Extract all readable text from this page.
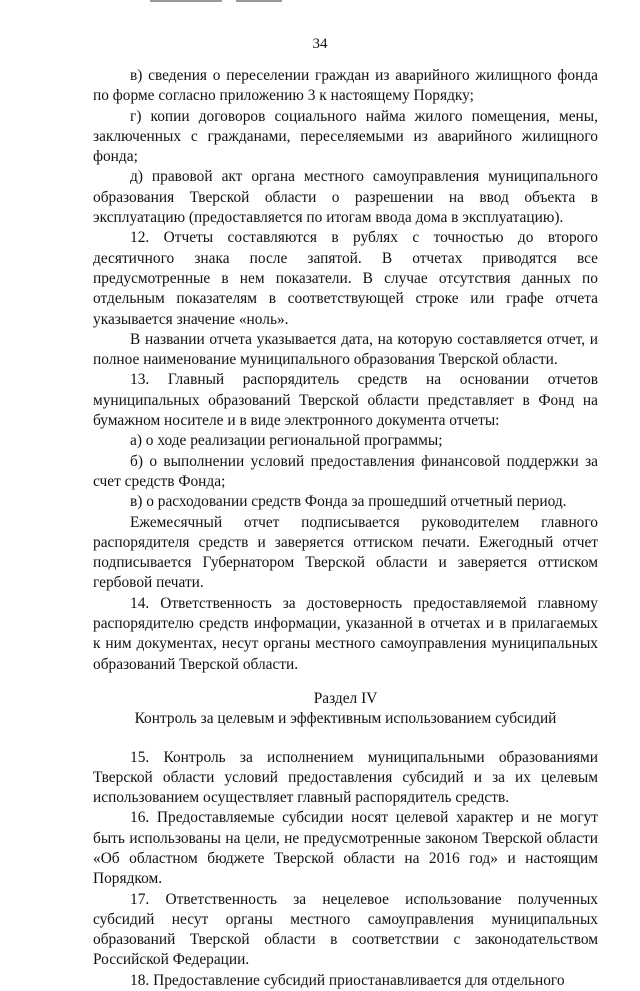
34

в) сведения о переселении граждан из аварийного жилищного фонда по форме согласно приложению 3 к настоящему Порядку;

г) копии договоров социального найма жилого помещения, мены, заключенных с гражданами, переселяемыми из аварийного жилищного фонда;

д) правовой акт органа местного самоуправления муниципального образования Тверской области о разрешении на ввод объекта в эксплуатацию (предоставляется по итогам ввода дома в эксплуатацию).

12. Отчеты составляются в рублях с точностью до второго десятичного знака после запятой. В отчетах приводятся все предусмотренные в нем показатели. В случае отсутствия данных по отдельным показателям в соответствующей строке или графе отчета указывается значение «ноль».

В названии отчета указывается дата, на которую составляется отчет, и полное наименование муниципального образования Тверской области.

13. Главный распорядитель средств на основании отчетов муниципальных образований Тверской области представляет в Фонд на бумажном носителе и в виде электронного документа отчеты:

а) о ходе реализации региональной программы;

б) о выполнении условий предоставления финансовой поддержки за счет средств Фонда;

в) о расходовании средств Фонда за прошедший отчетный период.

Ежемесячный отчет подписывается руководителем главного распорядителя средств и заверяется оттиском печати. Ежегодный отчет подписывается Губернатором Тверской области и заверяется оттиском гербовой печати.

14. Ответственность за достоверность предоставляемой главному распорядителю средств информации, указанной в отчетах и в прилагаемых к ним документах, несут органы местного самоуправления муниципальных образований Тверской области.

Раздел IV

Контроль за целевым и эффективным использованием субсидий

15. Контроль за исполнением муниципальными образованиями Тверской области условий предоставления субсидий и за их целевым использованием осуществляет главный распорядитель средств.

16. Предоставляемые субсидии носят целевой характер и не могут быть использованы на цели, не предусмотренные законом Тверской области «Об областном бюджете Тверской области на 2016 год» и настоящим Порядком.

17. Ответственность за нецелевое использование полученных субсидий несут органы местного самоуправления муниципальных образований Тверской области в соответствии с законодательством Российской Федерации.

18. Предоставление субсидий приостанавливается для отдельного
